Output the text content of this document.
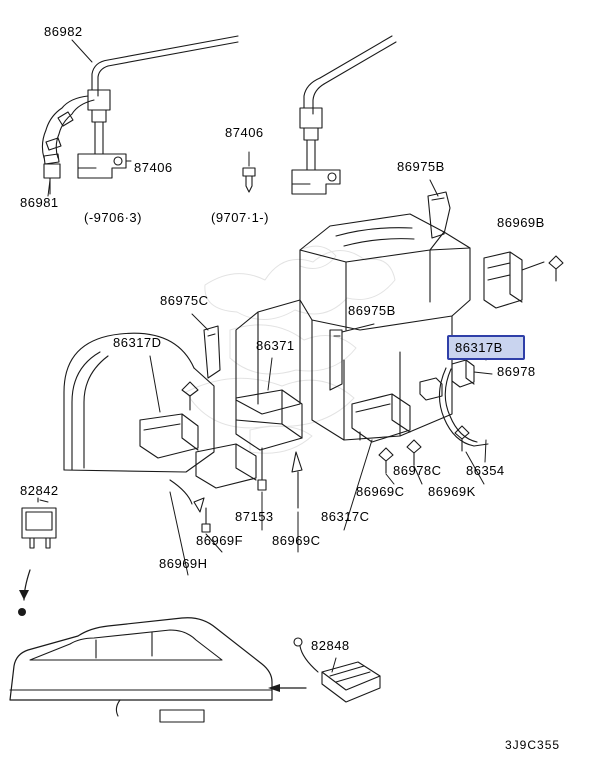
86982
87406
87406
86981
86975B
86969B
86975C
86975B
86317D	86371
86978
86978C 86354
86969C 86969K
82842
87153	86317C
86969F 86969C
86969H
82848
(-9706·3)	(9707·1-)
86317B
3J9C355
